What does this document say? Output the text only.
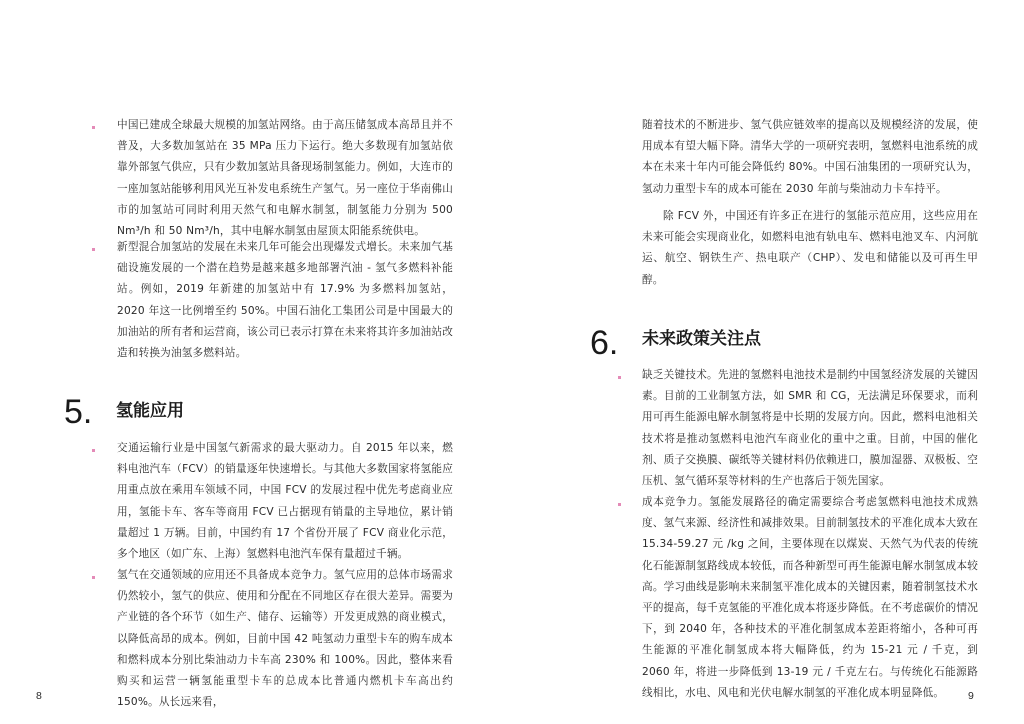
中国已建成全球最大规模的加氢站网络。由于高压储氢成本高昂且并不普及，大多数加氢站在 35 MPa 压力下运行。绝大多数现有加氢站依靠外部氢气供应，只有少数加氢站具备现场制氢能力。例如，大连市的一座加氢站能够利用风光互补发电系统生产氢气。另一座位于华南佛山市的加氢站可同时利用天然气和电解水制氢，制氢能力分别为 500 Nm³/h 和 50 Nm³/h，其中电解水制氢由屋顶太阳能系统供电。

新型混合加氢站的发展在未来几年可能会出现爆发式增长。未来加气基础设施发展的一个潜在趋势是越来越多地部署汽油 - 氢气多燃料补能站。例如，2019 年新建的加氢站中有 17.9% 为多燃料加氢站，2020 年这一比例增至约 50%。中国石油化工集团公司是中国最大的加油站的所有者和运营商，该公司已表示打算在未来将其许多加油站改造和转换为油氢多燃料站。

5. 氢能应用

交通运输行业是中国氢气新需求的最大驱动力。自 2015 年以来，燃料电池汽车（FCV）的销量逐年快速增长。与其他大多数国家将氢能应用重点放在乘用车领域不同，中国 FCV 的发展过程中优先考虑商业应用，氢能卡车、客车等商用 FCV 已占据现有销量的主导地位，累计销量超过 1 万辆。目前，中国约有 17 个省份开展了 FCV 商业化示范，多个地区（如广东、上海）氢燃料电池汽车保有量超过千辆。

氢气在交通领域的应用还不具备成本竞争力。氢气应用的总体市场需求仍然较小，氢气的供应、使用和分配在不同地区存在很大差异。需要为产业链的各个环节（如生产、储存、运输等）开发更成熟的商业模式，以降低高昂的成本。例如，目前中国 42 吨氢动力重型卡车的购车成本和燃料成本分别比柴油动力卡车高 230% 和 100%。因此，整体来看购买和运营一辆氢能重型卡车的总成本比普通内燃机卡车高出约 150%。从长远来看，

8

随着技术的不断进步、氢气供应链效率的提高以及规模经济的发展，使用成本有望大幅下降。清华大学的一项研究表明，氢燃料电池系统的成本在未来十年内可能会降低约 80%。中国石油集团的一项研究认为，氢动力重型卡车的成本可能在 2030 年前与柴油动力卡车持平。

除 FCV 外，中国还有许多正在进行的氢能示范应用，这些应用在未来可能会实现商业化，如燃料电池有轨电车、燃料电池叉车、内河航运、航空、钢铁生产、热电联产（CHP）、发电和储能以及可再生甲醇。

6. 未来政策关注点

缺乏关键技术。先进的氢燃料电池技术是制约中国氢经济发展的关键因素。目前的工业制氢方法，如 SMR 和 CG，无法满足环保要求，而利用可再生能源电解水制氢将是中长期的发展方向。因此，燃料电池相关技术将是推动氢燃料电池汽车商业化的重中之重。目前，中国的催化剂、质子交换膜、碳纸等关键材料仍依赖进口，膜加湿器、双极板、空压机、氢气循环泵等材料的生产也落后于领先国家。

成本竞争力。氢能发展路径的确定需要综合考虑氢燃料电池技术成熟度、氢气来源、经济性和减排效果。目前制氢技术的平准化成本大致在 15.34-59.27 元 /kg 之间，主要体现在以煤炭、天然气为代表的传统化石能源制氢路线成本较低，而各种新型可再生能源电解水制氢成本较高。学习曲线是影响未来制氢平准化成本的关键因素，随着制氢技术水平的提高，每千克氢能的平准化成本将逐步降低。在不考虑碳价的情况下，到 2040 年，各种技术的平准化制氢成本差距将缩小，各种可再生能源的平准化制氢成本将大幅降低，约为 15-21 元 / 千克，到 2060 年，将进一步降低到 13-19 元 / 千克左右。与传统化石能源路线相比，水电、风电和光伏电解水制氢的平准化成本明显降低。	9
